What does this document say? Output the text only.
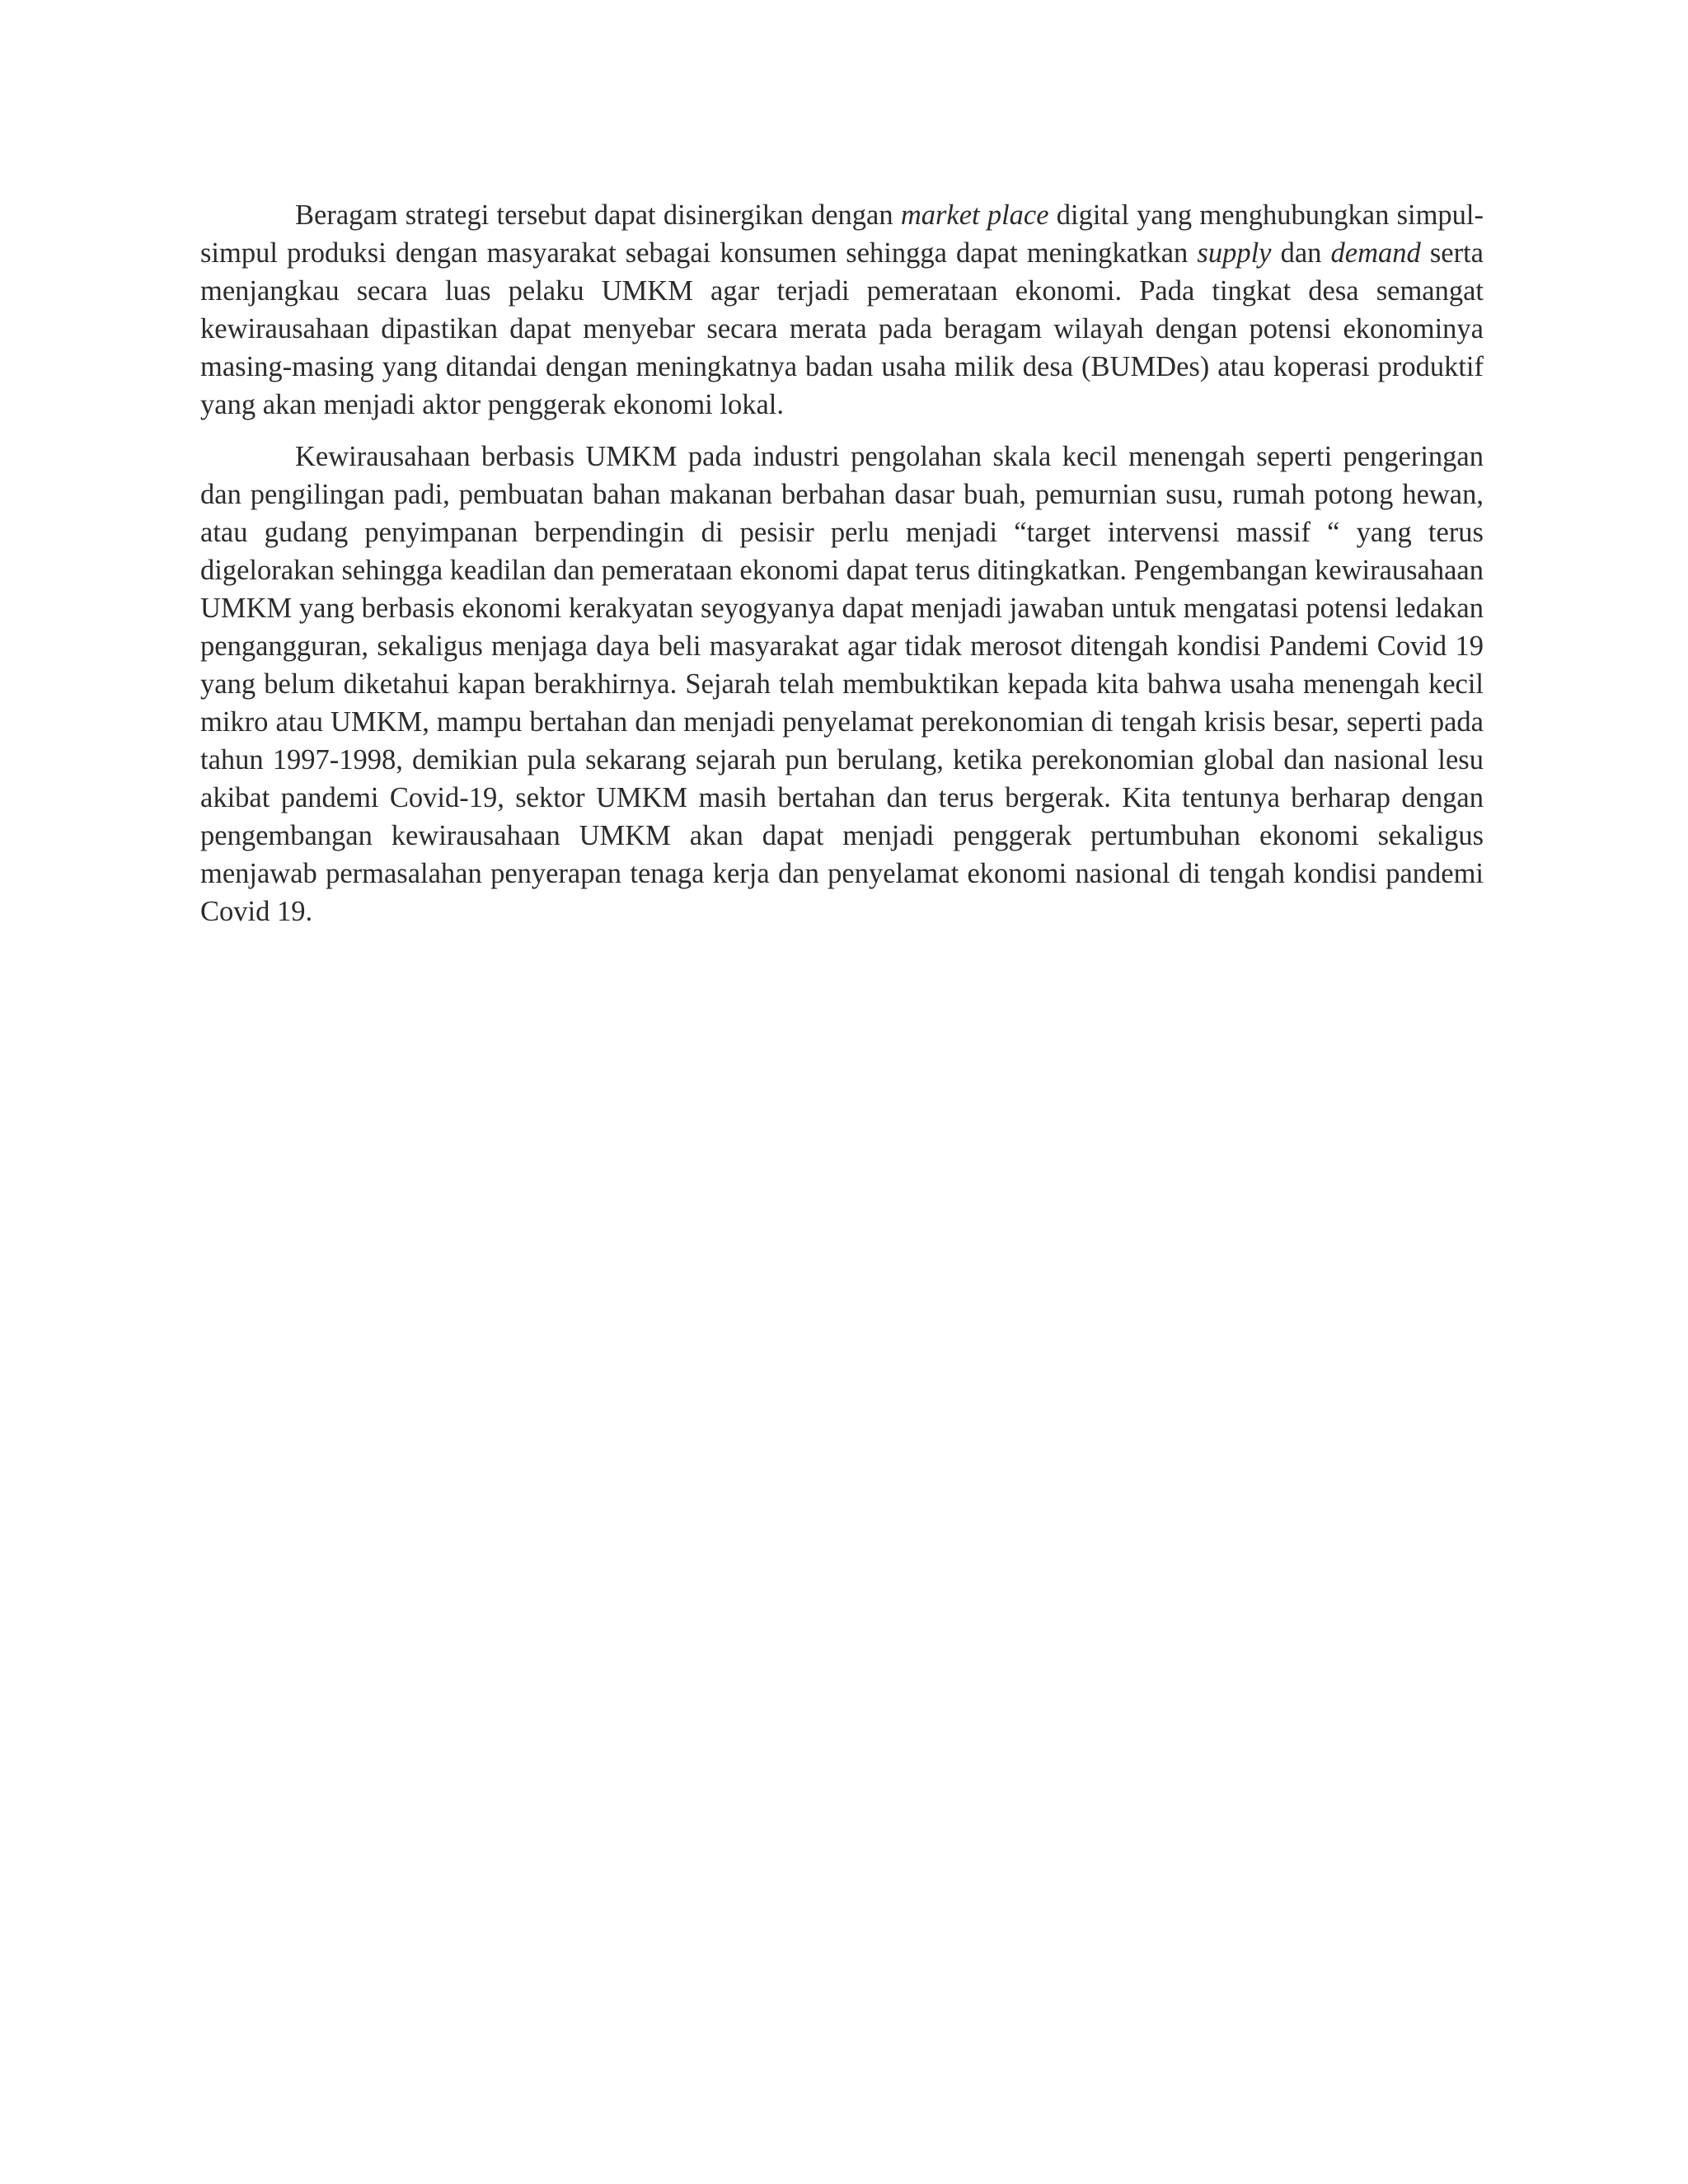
Beragam strategi tersebut dapat disinergikan dengan market place digital yang menghubungkan simpul-simpul produksi dengan masyarakat sebagai konsumen sehingga dapat meningkatkan supply dan demand serta menjangkau secara luas pelaku UMKM agar terjadi pemerataan ekonomi. Pada tingkat desa semangat kewirausahaan dipastikan dapat menyebar secara merata pada beragam wilayah dengan potensi ekonominya masing-masing yang ditandai dengan meningkatnya badan usaha milik desa (BUMDes) atau koperasi produktif yang akan menjadi aktor penggerak ekonomi lokal.

Kewirausahaan berbasis UMKM pada industri pengolahan skala kecil menengah seperti pengeringan dan pengilingan padi, pembuatan bahan makanan berbahan dasar buah, pemurnian susu, rumah potong hewan, atau gudang penyimpanan berpendingin di pesisir perlu menjadi “target intervensi massif “ yang terus digelorakan sehingga keadilan dan pemerataan ekonomi dapat terus ditingkatkan. Pengembangan kewirausahaan UMKM yang berbasis ekonomi kerakyatan seyogyanya dapat menjadi jawaban untuk mengatasi potensi ledakan pengangguran, sekaligus menjaga daya beli masyarakat agar tidak merosot ditengah kondisi Pandemi Covid 19 yang belum diketahui kapan berakhirnya. Sejarah telah membuktikan kepada kita bahwa usaha menengah kecil mikro atau UMKM, mampu bertahan dan menjadi penyelamat perekonomian di tengah krisis besar, seperti pada tahun 1997-1998, demikian pula sekarang sejarah pun berulang, ketika perekonomian global dan nasional lesu akibat pandemi Covid-19, sektor UMKM masih bertahan dan terus bergerak. Kita tentunya berharap dengan pengembangan kewirausahaan UMKM akan dapat menjadi penggerak pertumbuhan ekonomi sekaligus menjawab permasalahan penyerapan tenaga kerja dan penyelamat ekonomi nasional di tengah kondisi pandemi Covid 19.
